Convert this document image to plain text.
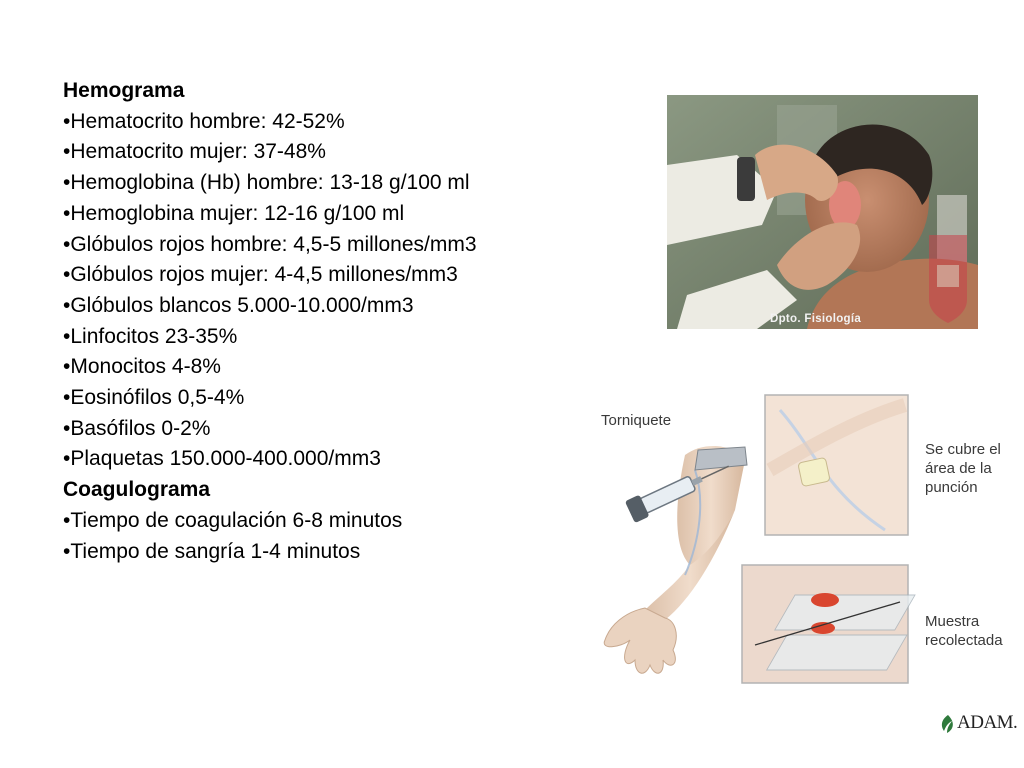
Hemograma
•Hematocrito hombre: 42-52%
•Hematocrito mujer: 37-48%
•Hemoglobina (Hb) hombre: 13-18 g/100 ml
•Hemoglobina mujer: 12-16 g/100 ml
•Glóbulos rojos hombre: 4,5-5 millones/mm3
•Glóbulos rojos mujer: 4-4,5 millones/mm3
•Glóbulos blancos 5.000-10.000/mm3
•Linfocitos 23-35%
•Monocitos 4-8%
•Eosinófilos 0,5-4%
•Basófilos 0-2%
•Plaquetas 150.000-400.000/mm3
Coagulograma
•Tiempo de coagulación 6-8 minutos
•Tiempo de sangría 1-4 minutos
Dpto. Fisiología
Torniquete
Se cubre el
área de la
punción
Muestra
recolectada
ADAM.
